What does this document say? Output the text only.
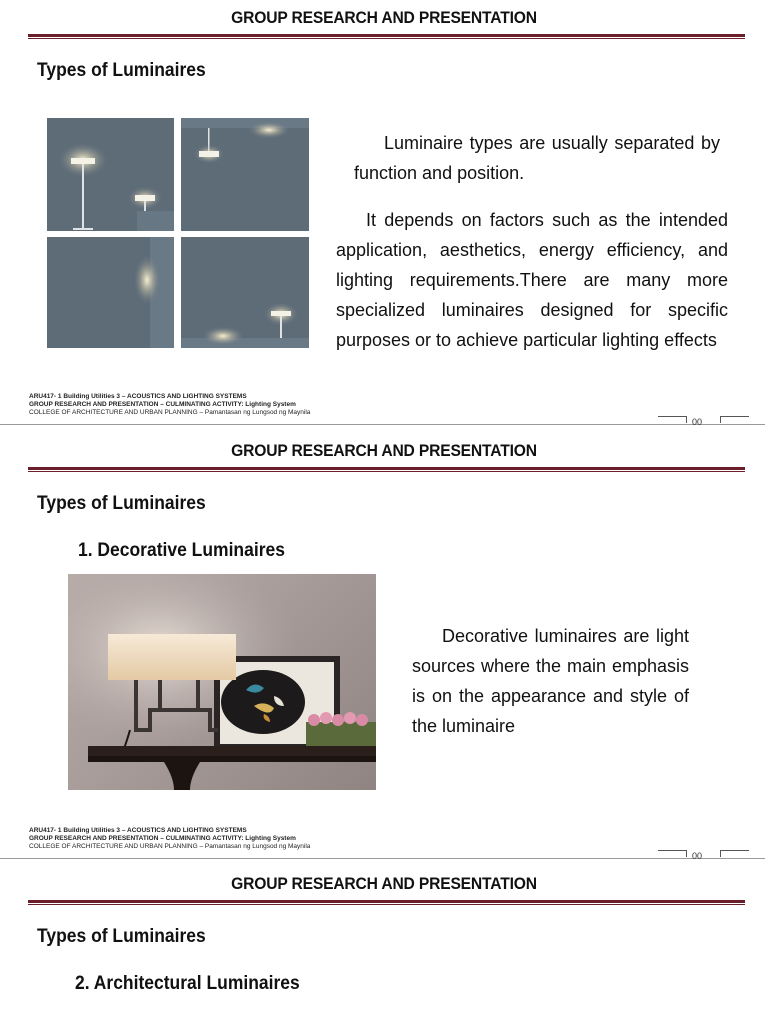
GROUP RESEARCH AND PRESENTATION
Types of Luminaires

Luminaire types are usually separated by function and position.

It depends on factors such as the intended application, aesthetics, energy efficiency, and lighting requirements.There are many more specialized luminaires designed for specific purposes or to achieve particular lighting effects

ARU417- 1 Building Utilities 3 – ACOUSTICS AND LIGHTING SYSTEMS
GROUP RESEARCH AND PRESENTATION – CULMINATING ACTIVITY: Lighting System
COLLEGE OF ARCHITECTURE AND URBAN PLANNING – Pamantasan ng Lungsod ng Maynila
00
GROUP RESEARCH AND PRESENTATION
Types of Luminaires
1. Decorative Luminaires

Decorative luminaires are light sources where the main emphasis is on the appearance and style of the luminaire

ARU417- 1 Building Utilities 3 – ACOUSTICS AND LIGHTING SYSTEMS
GROUP RESEARCH AND PRESENTATION – CULMINATING ACTIVITY: Lighting System
COLLEGE OF ARCHITECTURE AND URBAN PLANNING – Pamantasan ng Lungsod ng Maynila
00
GROUP RESEARCH AND PRESENTATION
Types of Luminaires
2. Architectural Luminaires
